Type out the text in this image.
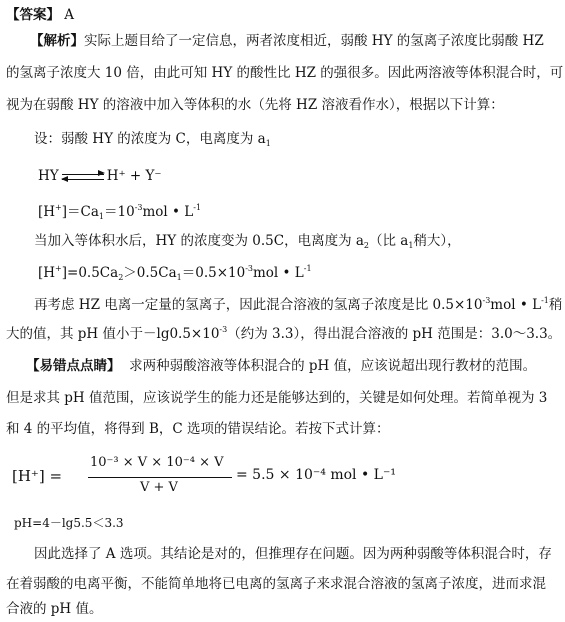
【答案】 A
【解析】实际上题目给了一定信息，两者浓度相近，弱酸 HY 的氢离子浓度比弱酸 HZ
的氢离子浓度大 10 倍，由此可知 HY 的酸性比 HZ 的强很多。因此两溶液等体积混合时，可
视为在弱酸 HY 的溶液中加入等体积的水（先将 HZ 溶液看作水），根据以下计算：
设：弱酸 HY 的浓度为 C，电离度为 $a_1$
HY	H⁺ + Y⁻
$[H^+]=Ca_1=10^{-3}mol$ • $L^{-1}$
当加入等体积水后，HY 的浓度变为 0.5C，电离度为 $a_2$（比 $a_1$稍大），
$[H^+]=0.5Ca_2>0.5Ca_1=0.5\times 10^{-3}mol$ • $L^{-1}$
再考虑 HZ 电离一定量的氢离子，因此混合溶液的氢离子浓度是比 $0.5\times 10^{-3}mol$ • $L^{-1}$稍
大的值，其 pH 值小于$-\lg 0.5\times 10^{-3}$（约为 3.3），得出混合溶液的 pH 范围是：3.0～3.3。
【易错点点睛】 求两种弱酸溶液等体积混合的 pH 值，应该说超出现行教材的范围。
但是求其 pH 值范围，应该说学生的能力还是能够达到的，关键是如何处理。若简单视为 3
和 4 的平均值，将得到 B，C 选项的错误结论。若按下式计算：
[H⁺] =
10⁻³ × V × 10⁻⁴ × V
V + V
= 5.5 × 10⁻⁴ mol • L⁻¹
pH=4－lg5.5＜3.3
因此选择了 A 选项。其结论是对的，但推理存在问题。因为两种弱酸等体积混合时，存
在着弱酸的电离平衡，不能简单地将已电离的氢离子来求混合溶液的氢离子浓度，进而求混
合液的 pH 值。
